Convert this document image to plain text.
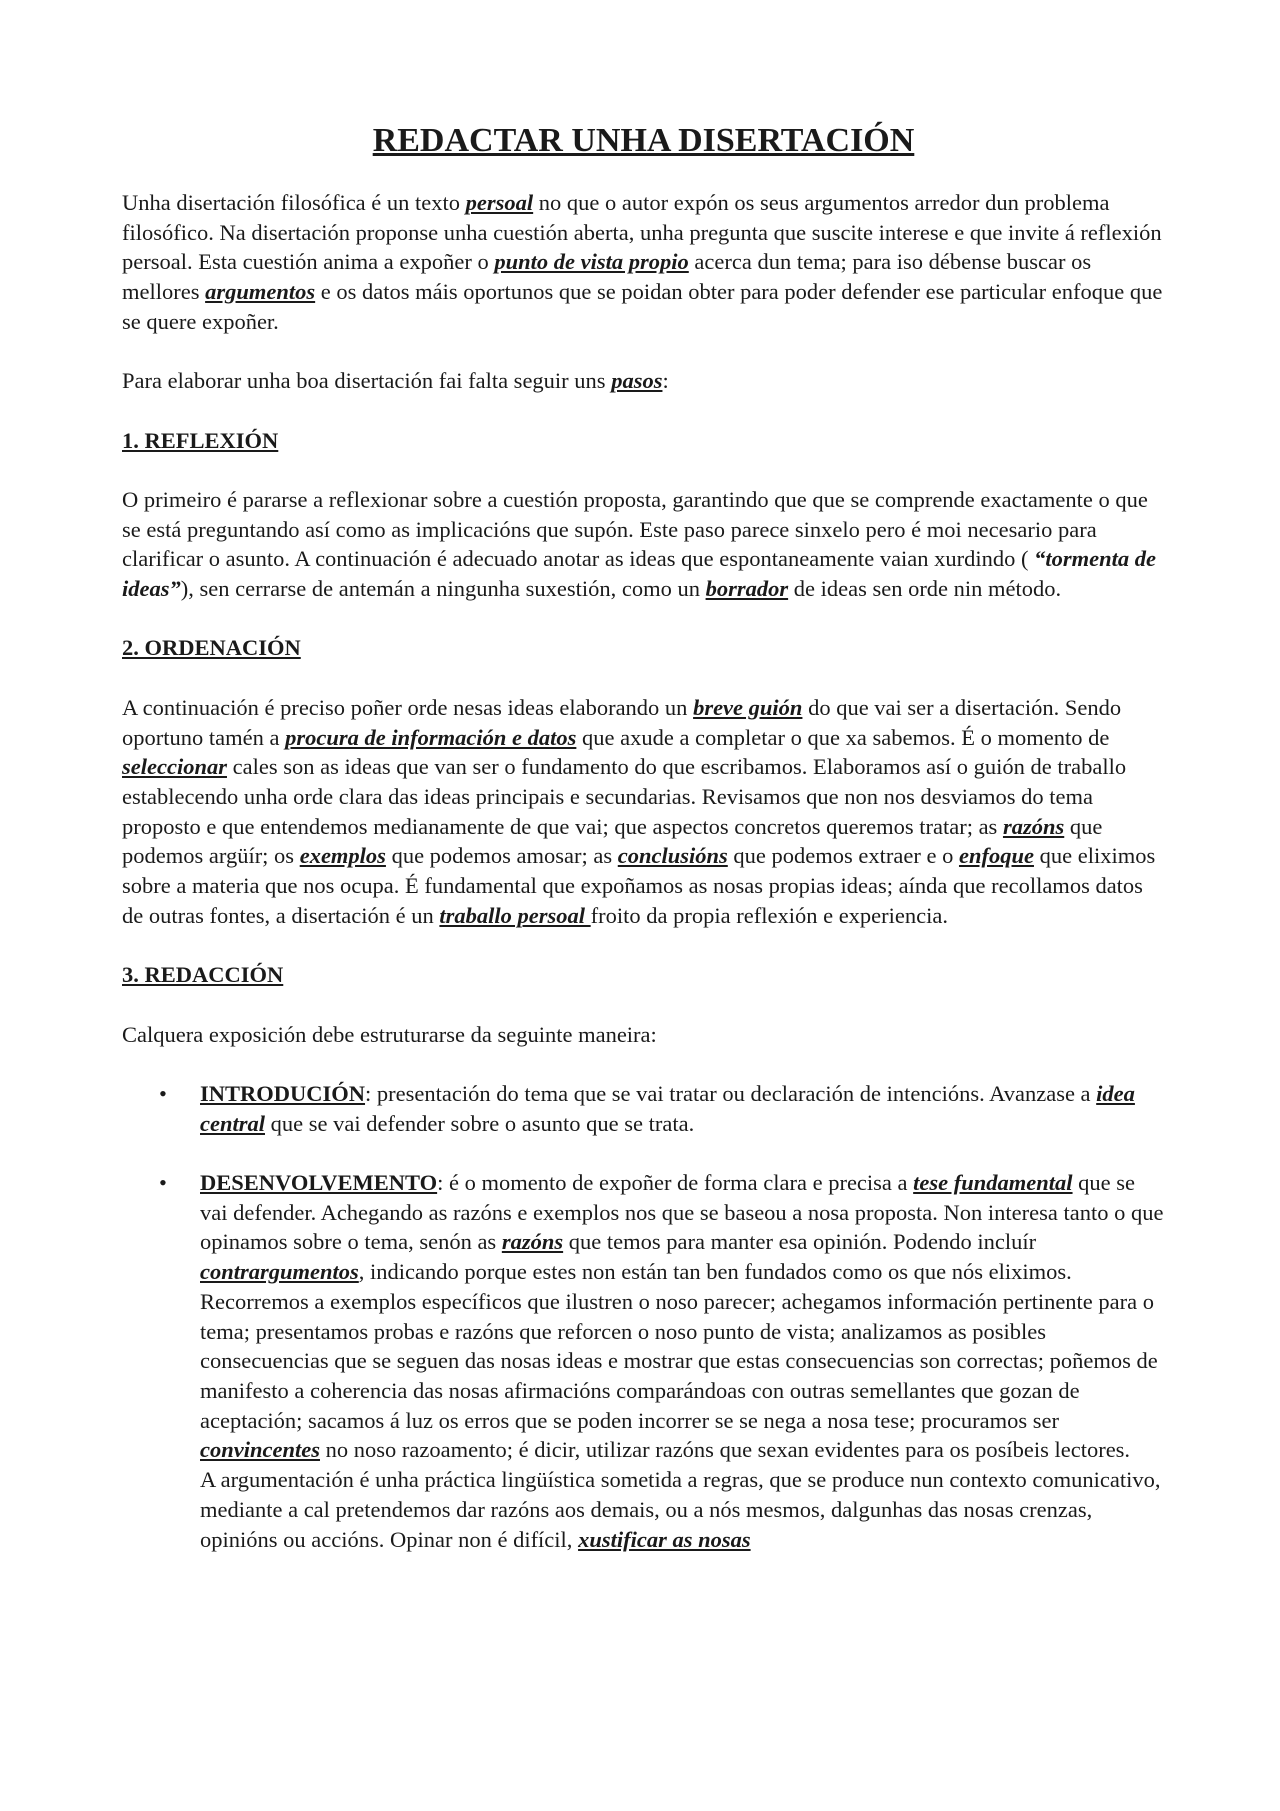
REDACTAR UNHA DISERTACIÓN

Unha disertación filosófica é un texto persoal no que o autor expón os seus argumentos arredor dun problema filosófico. Na disertación proponse unha cuestión aberta, unha pregunta que suscite interese e que invite á reflexión persoal. Esta cuestión anima a expoñer o punto de vista propio acerca dun tema; para iso débense buscar os mellores argumentos e os datos máis oportunos que se poidan obter para poder defender ese particular enfoque que se quere expoñer.

Para elaborar unha boa disertación fai falta seguir uns pasos:

1. REFLEXIÓN

O primeiro é pararse a reflexionar sobre a cuestión proposta, garantindo que que se comprende exactamente o que se está preguntando así como as implicacións que supón. Este paso parece sinxelo pero é moi necesario para clarificar o asunto. A continuación é adecuado anotar as ideas que espontaneamente vaian xurdindo ( “tormenta de ideas”), sen cerrarse de antemán a ningunha suxestión, como un borrador de ideas sen orde nin método.

2. ORDENACIÓN

A continuación é preciso poñer orde nesas ideas elaborando un breve guión do que vai ser a disertación. Sendo oportuno tamén a procura de información e datos que axude a completar o que xa sabemos. É o momento de seleccionar cales son as ideas que van ser o fundamento do que escribamos. Elaboramos así o guión de traballo establecendo unha orde clara das ideas principais e secundarias. Revisamos que non nos desviamos do tema proposto e que entendemos medianamente de que vai; que aspectos concretos queremos tratar; as razóns que podemos argüír; os exemplos que podemos amosar; as conclusións que podemos extraer e o enfoque que eliximos sobre a materia que nos ocupa. É fundamental que expoñamos as nosas propias ideas; aínda que recollamos datos de outras fontes, a disertación é un traballo persoal froito da propia reflexión e experiencia.

3. REDACCIÓN

Calquera exposición debe estruturarse da seguinte maneira:

• INTRODUCIÓN: presentación do tema que se vai tratar ou declaración de intencións. Avanzase a idea central que se vai defender sobre o asunto que se trata.
• DESENVOLVEMENTO: é o momento de expoñer de forma clara e precisa a tese fundamental que se vai defender. Achegando as razóns e exemplos nos que se baseou a nosa proposta. Non interesa tanto o que opinamos sobre o tema, senón as razóns que temos para manter esa opinión. Podendo incluír contrargumentos, indicando porque estes non están tan ben fundados como os que nós eliximos. Recorremos a exemplos específicos que ilustren o noso parecer; achegamos información pertinente para o tema; presentamos probas e razóns que reforcen o noso punto de vista; analizamos as posibles consecuencias que se seguen das nosas ideas e mostrar que estas consecuencias son correctas; poñemos de manifesto a coherencia das nosas afirmacións comparándoas con outras semellantes que gozan de aceptación; sacamos á luz os erros que se poden incorrer se se nega a nosa tese; procuramos ser convincentes no noso razoamento; é dicir, utilizar razóns que sexan evidentes para os posíbeis lectores.
A argumentación é unha práctica lingüística sometida a regras, que se produce nun contexto comunicativo, mediante a cal pretendemos dar razóns aos demais, ou a nós mesmos, dalgunhas das nosas crenzas, opinións ou accións. Opinar non é difícil, xustificar as nosas
